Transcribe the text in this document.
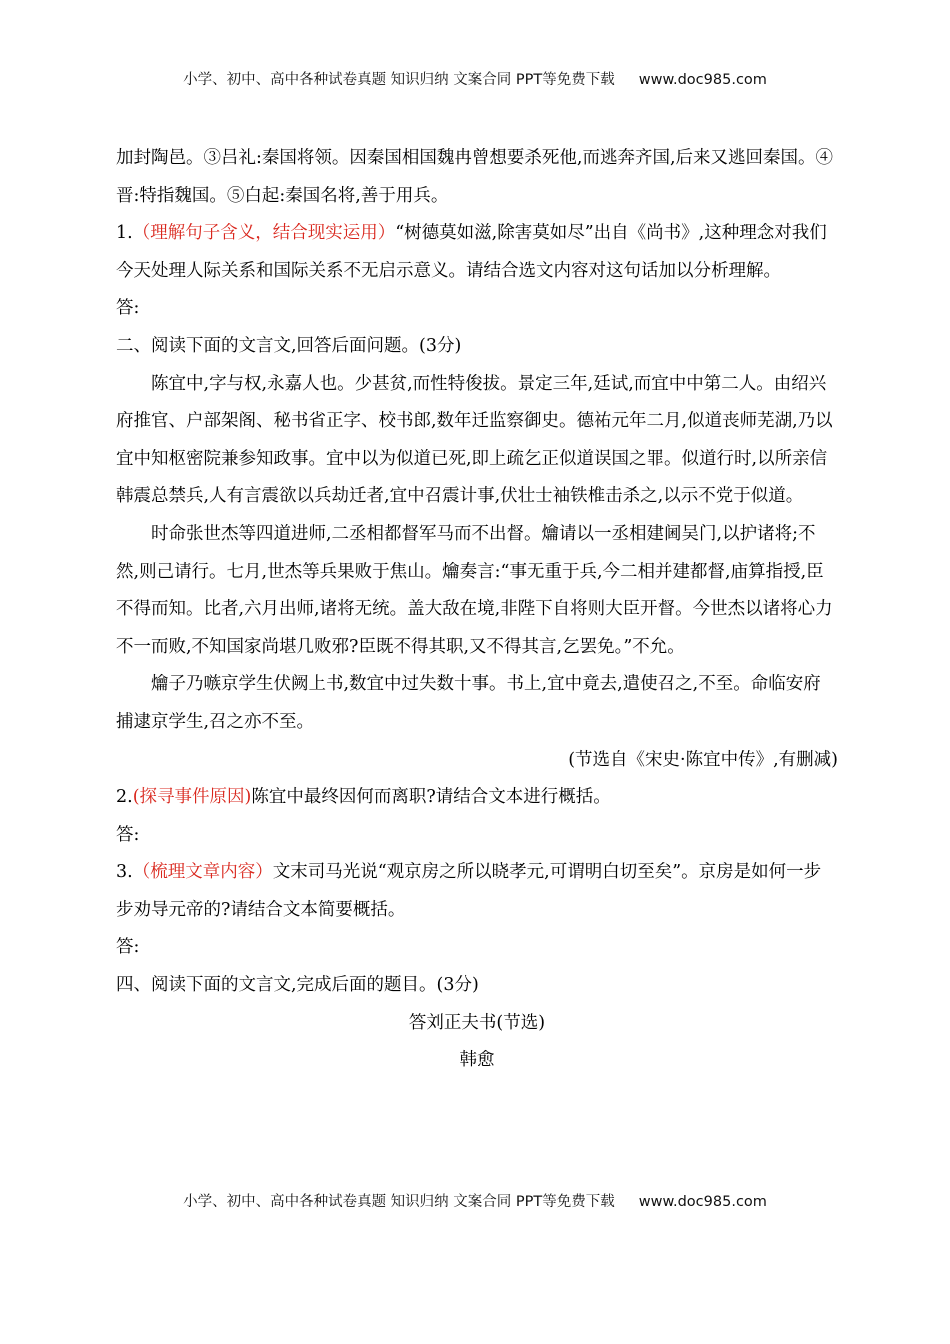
小学、初中、高中各种试卷真题 知识归纳 文案合同 PPT等免费下载 www.doc985.com

加封陶邑。③吕礼:秦国将领。因秦国相国魏冉曾想要杀死他,而逃奔齐国,后来又逃回秦国。④晋:特指魏国。⑤白起:秦国名将,善于用兵。

1.（理解句子含义，结合现实运用）“树德莫如滋,除害莫如尽”出自《尚书》,这种理念对我们今天处理人际关系和国际关系不无启示意义。请结合选文内容对这句话加以分析理解。

答:

二、阅读下面的文言文,回答后面问题。(3分)

陈宜中,字与权,永嘉人也。少甚贫,而性特俊拔。景定三年,廷试,而宜中中第二人。由绍兴府推官、户部架阁、秘书省正字、校书郎,数年迁监察御史。德祐元年二月,似道丧师芜湖,乃以宜中知枢密院兼参知政事。宜中以为似道已死,即上疏乞正似道误国之罪。似道行时,以所亲信韩震总禁兵,人有言震欲以兵劫迁者,宜中召震计事,伏壮士袖铁椎击杀之,以示不党于似道。

时命张世杰等四道进师,二丞相都督军马而不出督。爚请以一丞相建阃吴门,以护诸将;不然,则己请行。七月,世杰等兵果败于焦山。爚奏言:“事无重于兵,今二相并建都督,庙算指授,臣不得而知。比者,六月出师,诸将无统。盖大敌在境,非陛下自将则大臣开督。今世杰以诸将心力不一而败,不知国家尚堪几败邪?臣既不得其职,又不得其言,乞罢免。”不允。

爚子乃嗾京学生伏阙上书,数宜中过失数十事。书上,宜中竟去,遣使召之,不至。命临安府捕逮京学生,召之亦不至。

(节选自《宋史·陈宜中传》,有删减)

2.(探寻事件原因)陈宜中最终因何而离职?请结合文本进行概括。

答:

3.（梳理文章内容）文末司马光说“观京房之所以晓孝元,可谓明白切至矣”。京房是如何一步步劝导元帝的?请结合文本简要概括。

答:

四、阅读下面的文言文,完成后面的题目。(3分)

答刘正夫书(节选)

韩愈

小学、初中、高中各种试卷真题 知识归纳 文案合同 PPT等免费下载 www.doc985.com
